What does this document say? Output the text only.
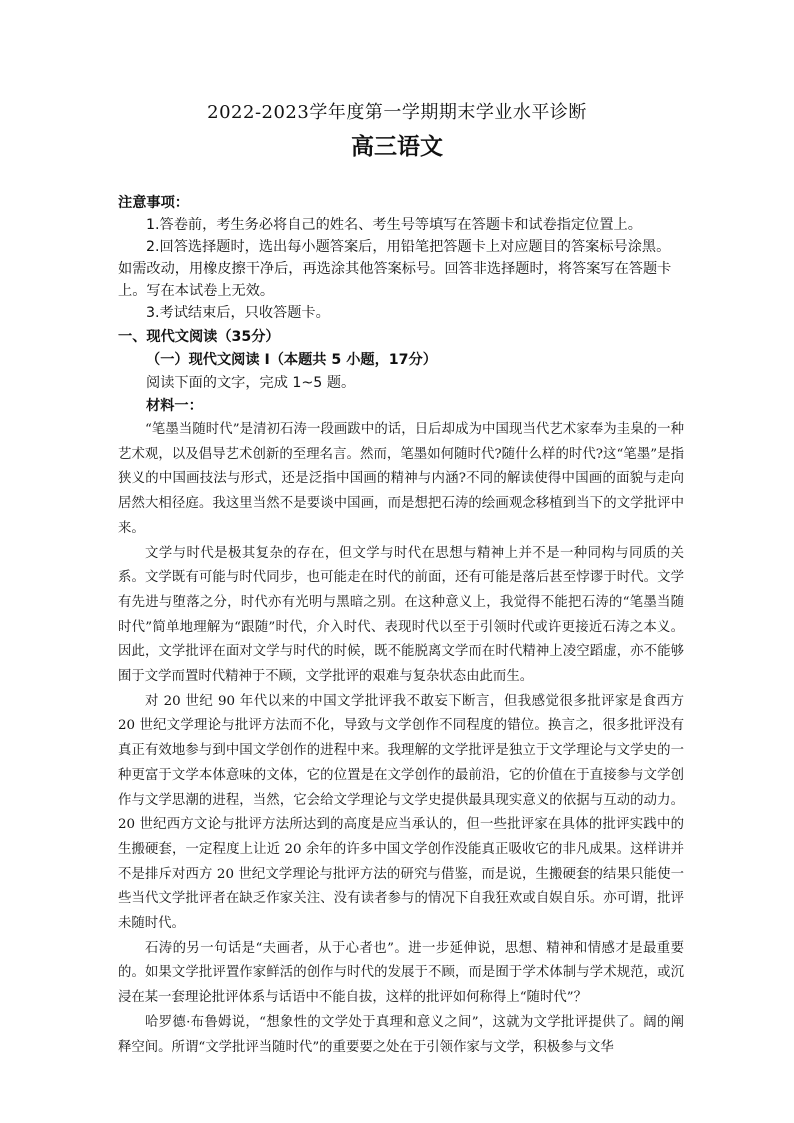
2022-2023学年度第一学期期末学业水平诊断
高三语文

注意事项：

1.答卷前，考生务必将自己的姓名、考生号等填写在答题卡和试卷指定位置上。

2.回答选择题时，选出每小题答案后，用铅笔把答题卡上对应题目的答案标号涂黑。如需改动，用橡皮擦干净后，再选涂其他答案标号。回答非选择题时，将答案写在答题卡上。写在本试卷上无效。

3.考试结束后，只收答题卡。

一、现代文阅读（35分）

（一）现代文阅读 I（本题共 5 小题，17分）

阅读下面的文字，完成 1~5 题。

材料一：

“笔墨当随时代”是清初石涛一段画跋中的话，日后却成为中国现当代艺术家奉为圭臬的一种艺术观，以及倡导艺术创新的至理名言。然而，笔墨如何随时代?随什么样的时代?这“笔墨”是指狭义的中国画技法与形式，还是泛指中国画的精神与内涵?不同的解读使得中国画的面貌与走向居然大相径庭。我这里当然不是要谈中国画，而是想把石涛的绘画观念移植到当下的文学批评中来。

文学与时代是极其复杂的存在，但文学与时代在思想与精神上并不是一种同构与同质的关系。文学既有可能与时代同步，也可能走在时代的前面，还有可能是落后甚至悖谬于时代。文学有先进与堕落之分，时代亦有光明与黑暗之别。在这种意义上，我觉得不能把石涛的“笔墨当随时代”简单地理解为“跟随”时代，介入时代、表现时代以至于引领时代或许更接近石涛之本义。因此，文学批评在面对文学与时代的时候，既不能脱离文学而在时代精神上凌空蹈虚，亦不能够囿于文学而置时代精神于不顾，文学批评的艰难与复杂状态由此而生。

对 20 世纪 90 年代以来的中国文学批评我不敢妄下断言，但我感觉很多批评家是食西方 20 世纪文学理论与批评方法而不化，导致与文学创作不同程度的错位。换言之，很多批评没有真正有效地参与到中国文学创作的进程中来。我理解的文学批评是独立于文学理论与文学史的一种更富于文学本体意味的文体，它的位置是在文学创作的最前沿，它的价值在于直接参与文学创作与文学思潮的进程，当然，它会给文学理论与文学史提供最具现实意义的依据与互动的动力。20 世纪西方文论与批评方法所达到的高度是应当承认的，但一些批评家在具体的批评实践中的生搬硬套，一定程度上让近 20 余年的许多中国文学创作没能真正吸收它的非凡成果。这样讲并不是排斥对西方 20 世纪文学理论与批评方法的研究与借鉴，而是说，生搬硬套的结果只能使一些当代文学批评者在缺乏作家关注、没有读者参与的情况下自我狂欢或自娱自乐。亦可谓，批评未随时代。

石涛的另一句话是“夫画者，从于心者也”。进一步延伸说，思想、精神和情感才是最重要的。如果文学批评置作家鲜活的创作与时代的发展于不顾，而是囿于学术体制与学术规范，或沉浸在某一套理论批评体系与话语中不能自拔，这样的批评如何称得上“随时代”？

哈罗德·布鲁姆说，“想象性的文学处于真理和意义之间”，这就为文学批评提供了。阔的阐释空间。所谓“文学批评当随时代”的重要要之处在于引领作家与文学，积极参与文华
